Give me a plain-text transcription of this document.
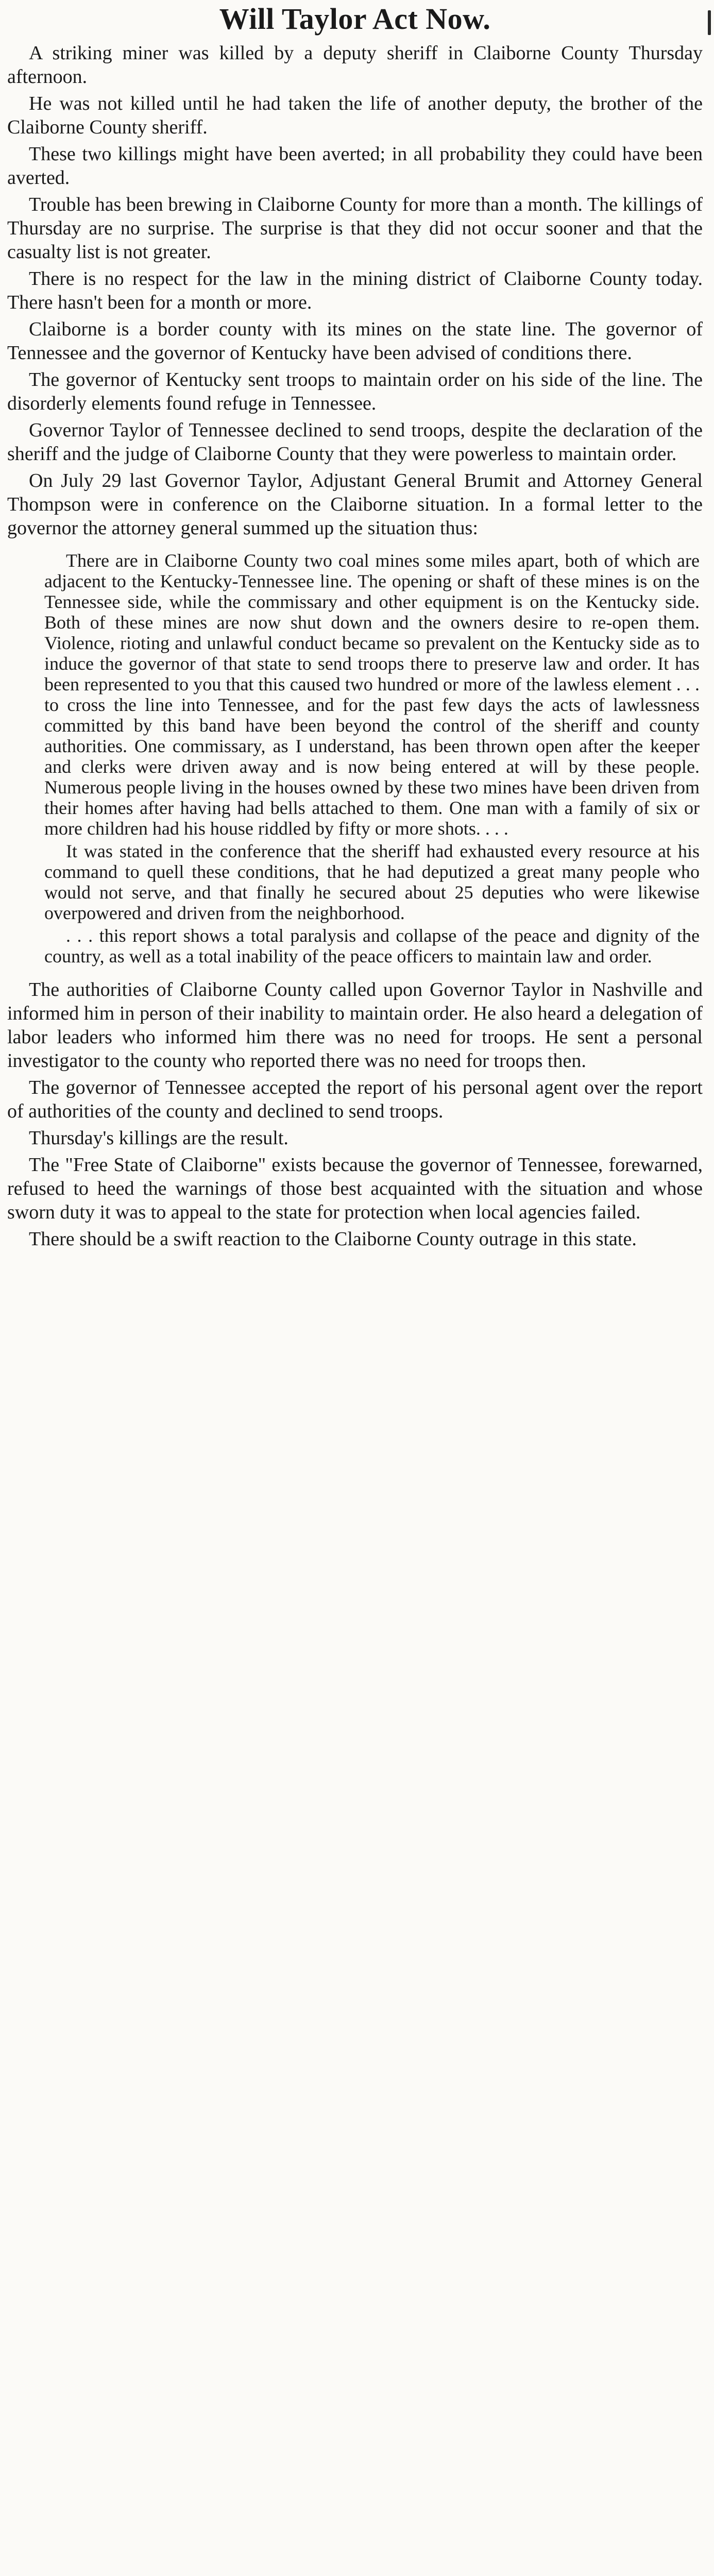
Will Taylor Act Now.

A striking miner was killed by a deputy sheriff in Claiborne County Thursday afternoon.

He was not killed until he had taken the life of another deputy, the brother of the Claiborne County sheriff.

These two killings might have been averted; in all probability they could have been averted.

Trouble has been brewing in Claiborne County for more than a month. The killings of Thursday are no surprise. The surprise is that they did not occur sooner and that the casualty list is not greater.

There is no respect for the law in the mining district of Claiborne County today. There hasn't been for a month or more.

Claiborne is a border county with its mines on the state line. The governor of Tennessee and the governor of Kentucky have been advised of conditions there.

The governor of Kentucky sent troops to maintain order on his side of the line. The disorderly elements found refuge in Tennessee.

Governor Taylor of Tennessee declined to send troops, despite the declaration of the sheriff and the judge of Claiborne County that they were powerless to maintain order.

On July 29 last Governor Taylor, Adjustant General Brumit and Attorney General Thompson were in conference on the Claiborne situation. In a formal letter to the governor the attorney general summed up the situation thus:

There are in Claiborne County two coal mines some miles apart, both of which are adjacent to the Kentucky-Tennessee line. The opening or shaft of these mines is on the Tennessee side, while the commissary and other equipment is on the Kentucky side. Both of these mines are now shut down and the owners desire to re-open them. Violence, rioting and unlawful conduct became so prevalent on the Kentucky side as to induce the governor of that state to send troops there to preserve law and order. It has been represented to you that this caused two hundred or more of the lawless element . . . to cross the line into Tennessee, and for the past few days the acts of lawlessness committed by this band have been beyond the control of the sheriff and county authorities. One commissary, as I understand, has been thrown open after the keeper and clerks were driven away and is now being entered at will by these people. Numerous people living in the houses owned by these two mines have been driven from their homes after having had bells attached to them. One man with a family of six or more children had his house riddled by fifty or more shots. . . .

It was stated in the conference that the sheriff had exhausted every resource at his command to quell these conditions, that he had deputized a great many people who would not serve, and that finally he secured about 25 deputies who were likewise overpowered and driven from the neighborhood.

. . . this report shows a total paralysis and collapse of the peace and dignity of the country, as well as a total inability of the peace officers to maintain law and order.

The authorities of Claiborne County called upon Governor Taylor in Nashville and informed him in person of their inability to maintain order. He also heard a delegation of labor leaders who informed him there was no need for troops. He sent a personal investigator to the county who reported there was no need for troops then.

The governor of Tennessee accepted the report of his personal agent over the report of authorities of the county and declined to send troops.

Thursday's killings are the result.

The "Free State of Claiborne" exists because the governor of Tennessee, forewarned, refused to heed the warnings of those best acquainted with the situation and whose sworn duty it was to appeal to the state for protection when local agencies failed.

There should be a swift reaction to the Claiborne County outrage in this state.
